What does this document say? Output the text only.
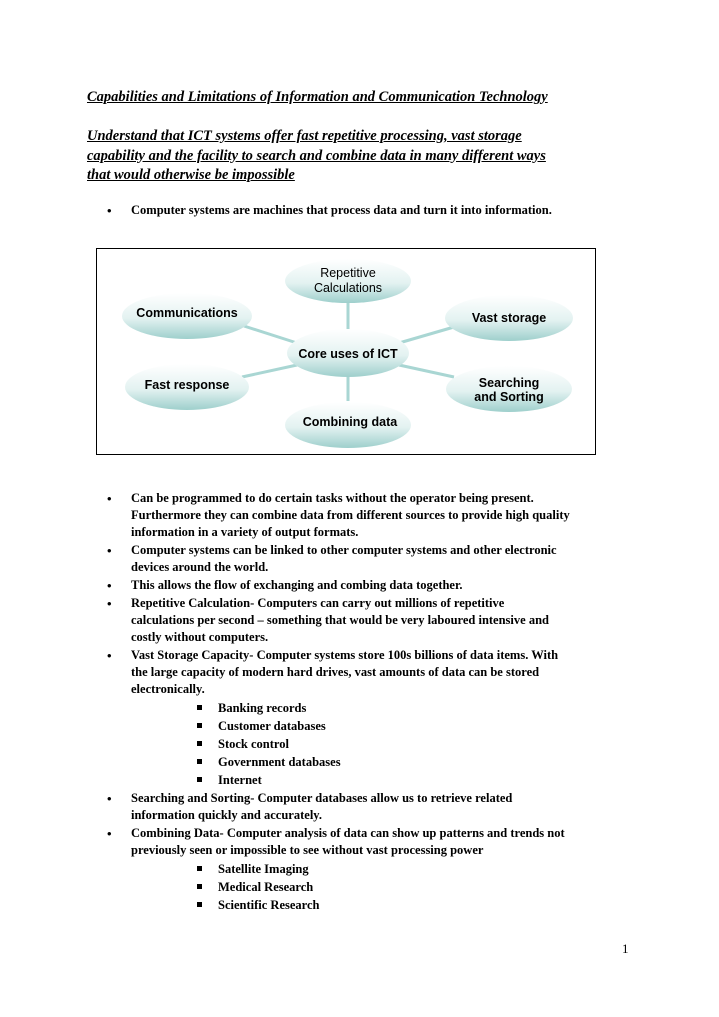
Capabilities and Limitations of Information and Communication Technology
Understand that ICT systems offer fast repetitive processing, vast storage
capability and the facility to search and combine data in many different ways
that would otherwise be impossible
• Computer systems are machines that process data and turn it into information.
Repetitive
Calculations
Communications	Vast storage
Core uses of ICT
Fast response	Searching
and Sorting
Combining data
• Can be programmed to do certain tasks without the operator being present.
Furthermore they can combine data from different sources to provide high quality
information in a variety of output formats.
• Computer systems can be linked to other computer systems and other electronic
devices around the world.
• This allows the flow of exchanging and combing data together.
• Repetitive Calculation- Computers can carry out millions of repetitive
calculations per second – something that would be very laboured intensive and
costly without computers.
• Vast Storage Capacity- Computer systems store 100s billions of data items. With
the large capacity of modern hard drives, vast amounts of data can be stored
electronically.
Banking records
Customer databases
Stock control
Government databases
Internet
• Searching and Sorting- Computer databases allow us to retrieve related
information quickly and accurately.
• Combining Data- Computer analysis of data can show up patterns and trends not
previously seen or impossible to see without vast processing power
Satellite Imaging
Medical Research
Scientific Research
1
